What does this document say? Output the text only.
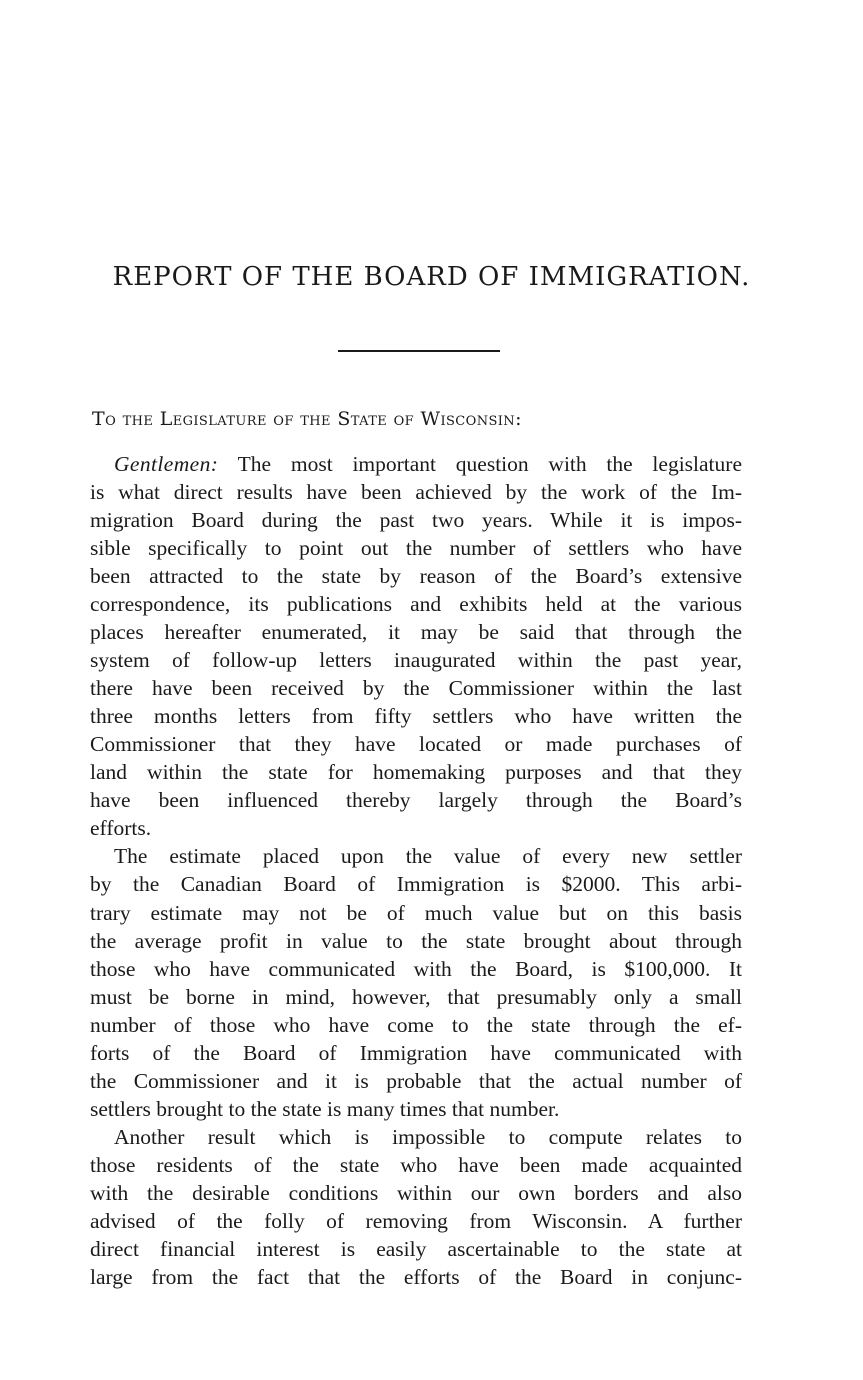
REPORT OF THE BOARD OF IMMIGRATION.
To the Legislature of the State of Wisconsin:
Gentlemen: The most important question with the legislature
is what direct results have been achieved by the work of the Im-
migration Board during the past two years. While it is impos-
sible specifically to point out the number of settlers who have
been attracted to the state by reason of the Board’s extensive
correspondence, its publications and exhibits held at the various
places hereafter enumerated, it may be said that through the
system of follow-up letters inaugurated within the past year,
there have been received by the Commissioner within the last
three months letters from fifty settlers who have written the
Commissioner that they have located or made purchases of
land within the state for homemaking purposes and that they
have been influenced thereby largely through the Board’s
efforts.
The estimate placed upon the value of every new settler
by the Canadian Board of Immigration is $2000. This arbi-
trary estimate may not be of much value but on this basis
the average profit in value to the state brought about through
those who have communicated with the Board, is $100,000. It
must be borne in mind, however, that presumably only a small
number of those who have come to the state through the ef-
forts of the Board of Immigration have communicated with
the Commissioner and it is probable that the actual number of
settlers brought to the state is many times that number.
Another result which is impossible to compute relates to
those residents of the state who have been made acquainted
with the desirable conditions within our own borders and also
advised of the folly of removing from Wisconsin. A further
direct financial interest is easily ascertainable to the state at
large from the fact that the efforts of the Board in conjunc-
